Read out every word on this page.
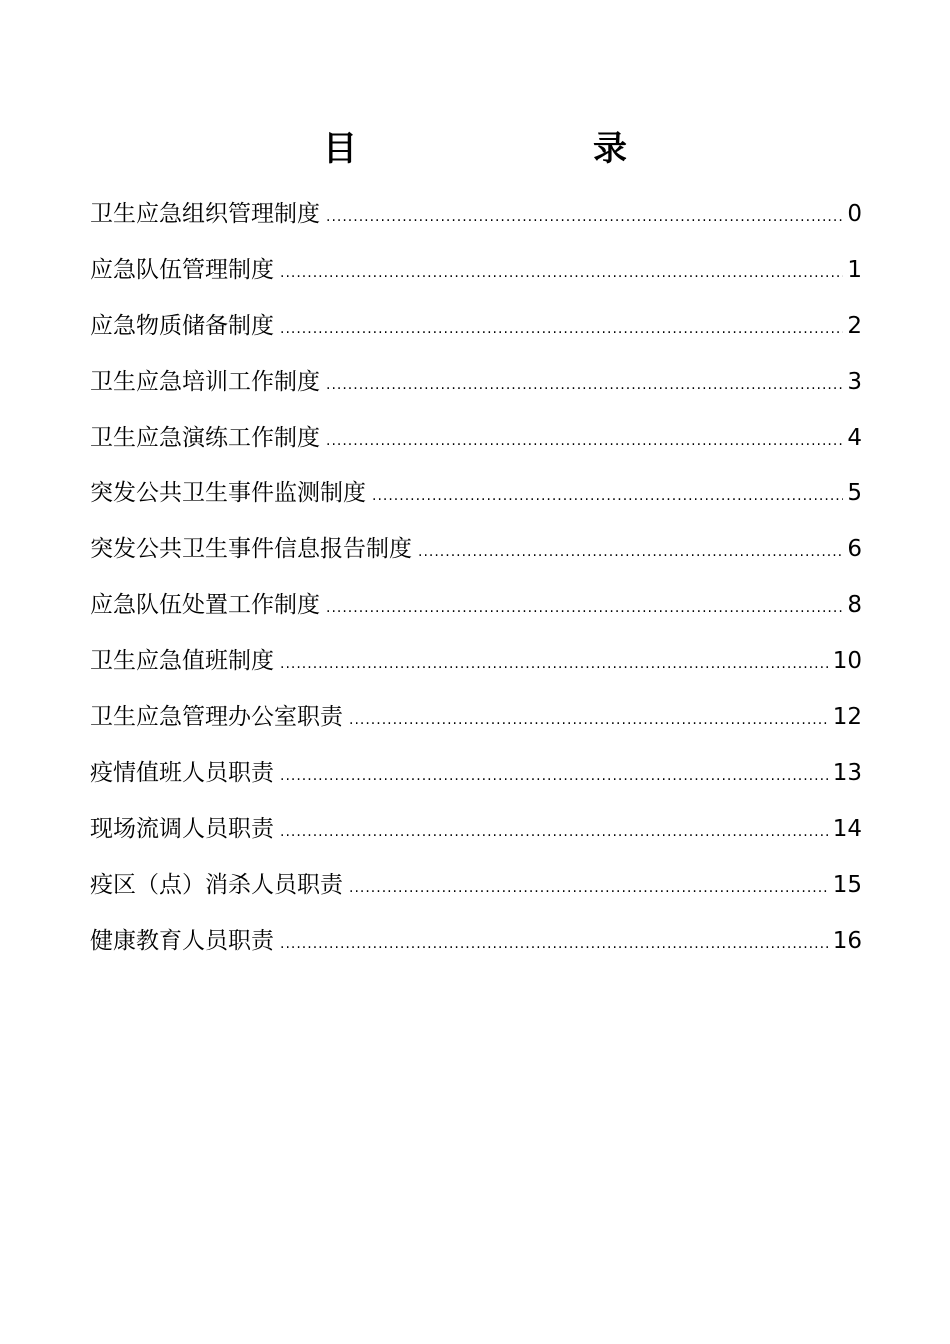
目　　录
卫生应急组织管理制度 .....	0
应急队伍管理制度 .....	1
应急物质储备制度 .....	2
卫生应急培训工作制度 .....	3
卫生应急演练工作制度 .....	4
突发公共卫生事件监测制度 .....	5
突发公共卫生事件信息报告制度 .....	6
应急队伍处置工作制度 .....	8
卫生应急值班制度 .....	10
卫生应急管理办公室职责 .....	12
疫情值班人员职责 .....	13
现场流调人员职责 .....	14
疫区（点）消杀人员职责 .....	15
健康教育人员职责 .....	16
